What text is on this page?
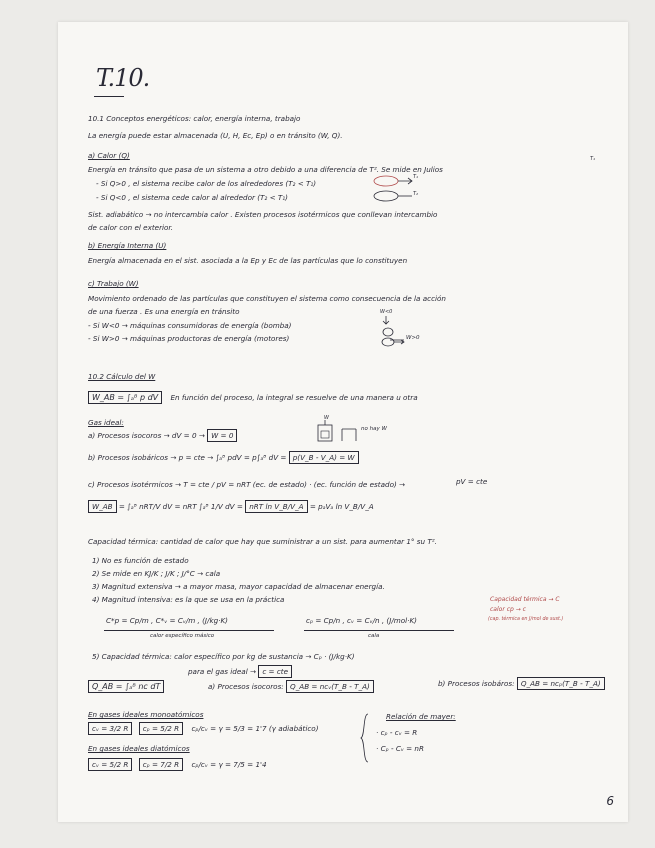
T.10.
10.1 Conceptos energéticos: calor, energía interna, trabajo
La energía puede estar almacenada (U, H, Ec, Ep) o en tránsito (W, Q).
a) Calor (Q)
Energía en tránsito que pasa de un sistema a otro debido a una diferencia de T². Se mide en Julios
T₁
- Si Q>0 , el sistema recibe calor de los alrededores (T₂ < T₁)
- Si Q<0 , el sistema cede calor al alrededor (T₂ < T₁)
T₁
T₂
Sist. adiabático → no intercambia calor . Existen procesos isotérmicos que conllevan intercambio
de calor con el exterior.
b) Energía Interna (U)
Energía almacenada en el sist. asociada a la Ep y Ec de las partículas que lo constituyen
c) Trabajo (W)
Movimiento ordenado de las partículas que constituyen el sistema como consecuencia de la acción
de una fuerza . Es una energía en tránsito
- Si W<0 → máquinas consumidoras de energía (bomba)
- Si W>0 → máquinas productoras de energía (motores)
W<0
W>0
10.2 Cálculo del W
W_AB = ∫ₐᴮ p dV En función del proceso, la integral se resuelve de una manera u otra
Gas ideal:
a) Procesos isocoros → dV = 0 → W = 0
W
no hay W
b) Procesos isobáricos → p = cte → ∫ₐᴮ pdV = p∫ₐᴮ dV = p(V_B - V_A) = W
c) Procesos isotérmicos → T = cte / pV = nRT (ec. de estado) · (ec. función de estado) →	pV = cte
W_AB = ∫ₐᴮ nRT/V dV = nRT ∫ₐᴮ 1/V dV = nRT ln V_B/V_A = pₐVₐ ln V_B/V_A
Capacidad térmica: cantidad de calor que hay que suministrar a un sist. para aumentar 1° su T².
1) No es función de estado
2) Se mide en KJ/K ; J/K ; J/°C → cala
3) Magnitud extensiva → a mayor masa, mayor capacidad de almacenar energía.
4) Magnitud intensiva: es la que se usa en la práctica
C*p = Cp/m , C*ᵥ = Cᵥ/m , (J/kg·K)
calor específico másico
cₚ = Cp/n , cᵥ = Cᵥ/n , (J/mol·K)
cala
Capacidad térmica → C
calor cp → c
(cap. térmica en J/mol de sust.)
5) Capacidad térmica: calor específico por kg de sustancia → Cₚ · (J/kg·K)
para el gas ideal → c = cte
Q_AB = ∫ₐᴮ nc dT	a) Procesos isocoros: Q_AB = ncᵥ(T_B - T_A)	b) Procesos isobáros: Q_AB = ncₚ(T_B - T_A)
En gases ideales monoatómicos
cᵥ = 3/2 R cₚ = 5/2 R cₚ/cᵥ = γ = 5/3 = 1'7 (γ adiabático)
En gases ideales diatómicos
cᵥ = 5/2 R cₚ = 7/2 R cₚ/cᵥ = γ = 7/5 = 1'4
Relación de mayer:
· cₚ - cᵥ = R
· Cₚ - Cᵥ = nR
6
